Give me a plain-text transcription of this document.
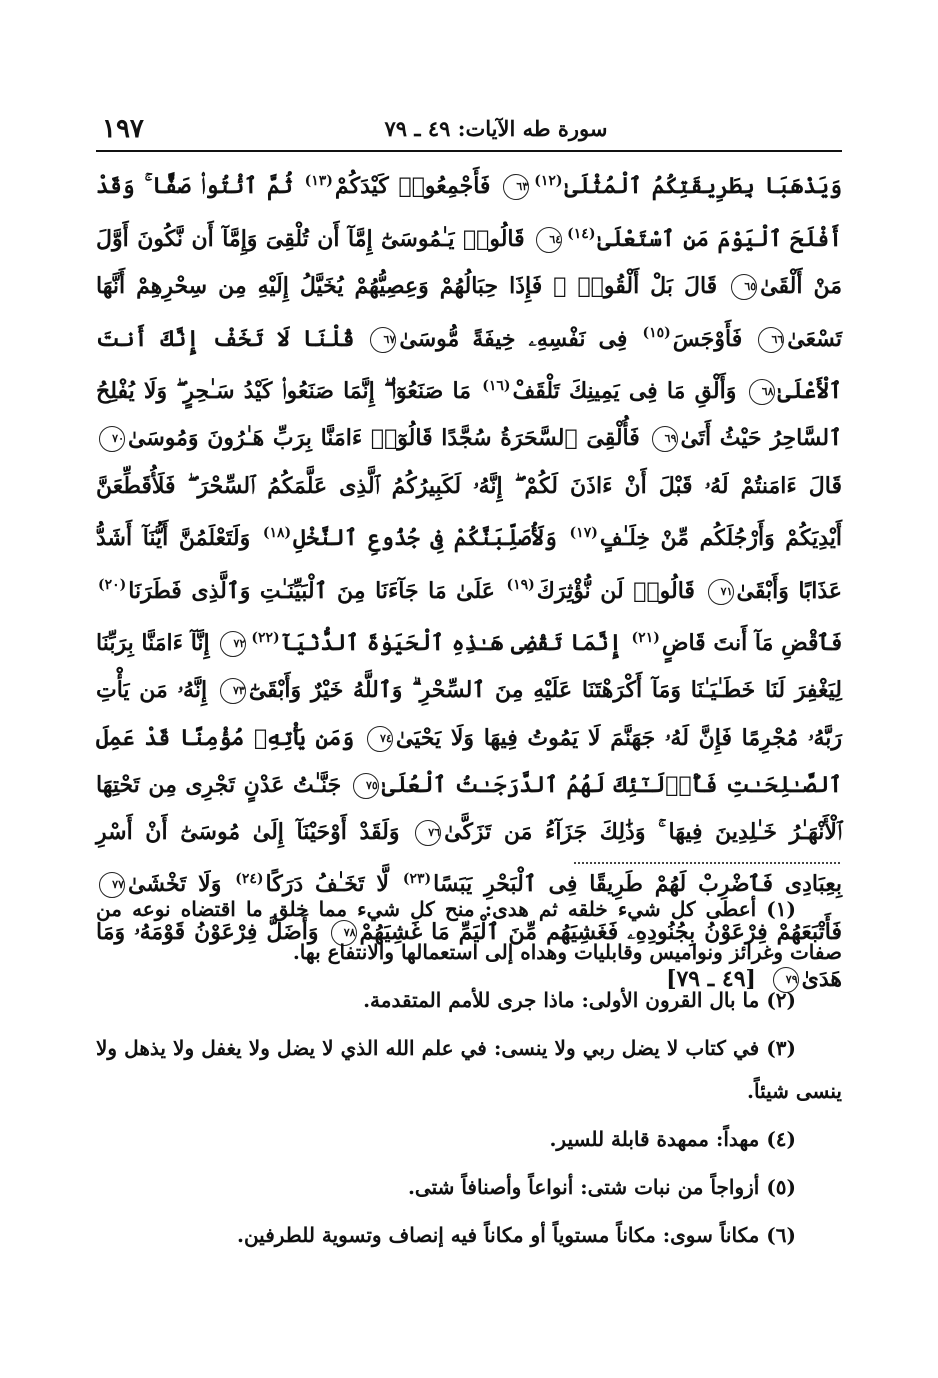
١٩٧	سورة طه الآيات: ٤٩ ـ ٧٩
وَيَذْهَبَا بِطَرِيقَتِكُمُ ٱلْمُثْلَىٰ$^{(١٢)}$٦٣ فَأَجْمِعُوا۟ كَيْدَكُمْ$^{(١٣)}$ ثُمَّ ٱئْتُوا۟ صَفًّا ۚ وَقَدْ أَفْلَحَ ٱلْيَوْمَ مَنِ ٱسْتَعْلَىٰ$^{(١٤)}$٦٤ قَالُوا۟ يَـٰمُوسَىٰٓ إِمَّآ أَن تُلْقِىَ وَإِمَّآ أَن نَّكُونَ أَوَّلَ مَنْ أَلْقَىٰ٦٥ قَالَ بَلْ أَلْقُوا۟ ۖ فَإِذَا حِبَالُهُمْ وَعِصِيُّهُمْ يُخَيَّلُ إِلَيْهِ مِن سِحْرِهِمْ أَنَّهَا تَسْعَىٰ٦٦ فَأَوْجَسَ$^{(١٥)}$ فِى نَفْسِهِۦ خِيفَةً مُّوسَىٰ٦٧ قُلْنَا لَا تَخَفْ إِنَّكَ أَنتَ ٱلْأَعْلَىٰ٦٨ وَأَلْقِ مَا فِى يَمِينِكَ تَلْقَفْ$^{(١٦)}$ مَا صَنَعُوٓا۟ ۖ إِنَّمَا صَنَعُوا۟ كَيْدُ سَـٰحِرٍ ۖ وَلَا يُفْلِحُ ٱلسَّاحِرُ حَيْثُ أَتَىٰ٦٩ فَأُلْقِىَ ٱلسَّحَرَةُ سُجَّدًا قَالُوٓا۟ ءَامَنَّا بِرَبِّ هَـٰرُونَ وَمُوسَىٰ٧٠ قَالَ ءَامَنتُمْ لَهُۥ قَبْلَ أَنْ ءَاذَنَ لَكُمْ ۖ إِنَّهُۥ لَكَبِيرُكُمُ ٱلَّذِى عَلَّمَكُمُ ٱلسِّحْرَ ۖ فَلَأُقَطِّعَنَّ أَيْدِيَكُمْ وَأَرْجُلَكُم مِّنْ خِلَـٰفٍ$^{(١٧)}$ وَلَأُصَلِّبَنَّكُمْ فِى جُذُوعِ ٱلنَّخْلِ$^{(١٨)}$ وَلَتَعْلَمُنَّ أَيُّنَآ أَشَدُّ عَذَابًا وَأَبْقَىٰ٧١ قَالُوا۟ لَن نُّؤْثِرَكَ$^{(١٩)}$ عَلَىٰ مَا جَآءَنَا مِنَ ٱلْبَيِّنَـٰتِ وَٱلَّذِى فَطَرَنَا$^{(٢٠)}$ فَٱقْضِ مَآ أَنتَ قَاضٍ$^{(٢١)}$ إِنَّمَا تَقْضِى هَـٰذِهِ ٱلْحَيَوٰةَ ٱلدُّنْيَآ$^{(٢٢)}$٧٢ إِنَّآ ءَامَنَّا بِرَبِّنَا لِيَغْفِرَ لَنَا خَطَـٰيَـٰنَا وَمَآ أَكْرَهْتَنَا عَلَيْهِ مِنَ ٱلسِّحْرِ ۗ وَٱللَّهُ خَيْرٌ وَأَبْقَىٰٓ٧٣ إِنَّهُۥ مَن يَأْتِ رَبَّهُۥ مُجْرِمًا فَإِنَّ لَهُۥ جَهَنَّمَ لَا يَمُوتُ فِيهَا وَلَا يَحْيَىٰ٧٤ وَمَن يَأْتِهِۦ مُؤْمِنًا قَدْ عَمِلَ ٱلصَّـٰلِحَـٰتِ فَأُو۟لَـٰٓئِكَ لَهُمُ ٱلدَّرَجَـٰتُ ٱلْعُلَىٰ٧٥ جَنَّـٰتُ عَدْنٍ تَجْرِى مِن تَحْتِهَا ٱلْأَنْهَـٰرُ خَـٰلِدِينَ فِيهَا ۚ وَذَٰلِكَ جَزَآءُ مَن تَزَكَّىٰ٧٦ وَلَقَدْ أَوْحَيْنَآ إِلَىٰ مُوسَىٰٓ أَنْ أَسْرِ بِعِبَادِى فَٱضْرِبْ لَهُمْ طَرِيقًا فِى ٱلْبَحْرِ يَبَسًا$^{(٢٣)}$ لَّا تَخَـٰفُ دَرَكًا$^{(٢٤)}$ وَلَا تَخْشَىٰ٧٧ فَأَتْبَعَهُمْ فِرْعَوْنُ بِجُنُودِهِۦ فَغَشِيَهُم مِّنَ ٱلْيَمِّ مَا غَشِيَهُمْ٧٨ وَأَضَلَّ فِرْعَوْنُ قَوْمَهُۥ وَمَا هَدَىٰ٧٩ [٤٩ ـ ٧٩]

(١) أعطى كل شيء خلقه ثم هدى: منح كل شيء مما خلق ما اقتضاه نوعه من صفات وغرائز ونواميس وقابليات وهداه إلى استعمالها والانتفاع بها.

(٢) ما بال القرون الأولى: ماذا جرى للأمم المتقدمة.

(٣) في كتاب لا يضل ربي ولا ينسى: في علم الله الذي لا يضل ولا يغفل ولا يذهل ولا ينسى شيئاً.

(٤) مهداً: ممهدة قابلة للسير.

(٥) أزواجاً من نبات شتى: أنواعاً وأصنافاً شتى.

(٦) مكاناً سوى: مكاناً مستوياً أو مكاناً فيه إنصاف وتسوية للطرفين.
